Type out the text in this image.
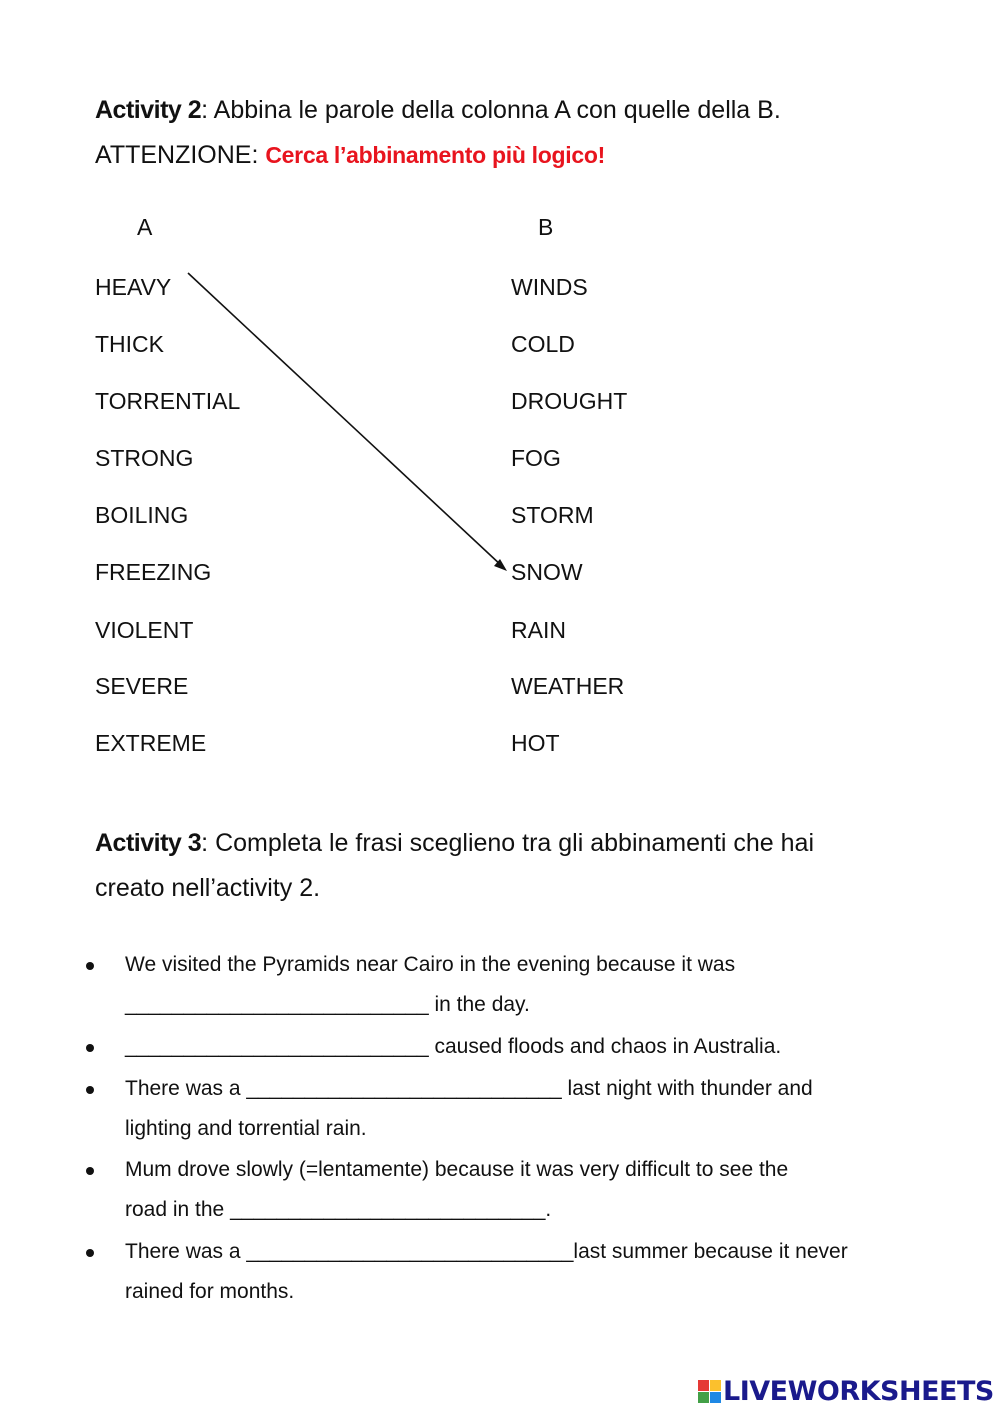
Activity 2: Abbina le parole della colonna A con quelle della B.
ATTENZIONE: Cerca l’abbinamento più logico!
A	B
HEAVY
THICK
TORRENTIAL
STRONG
BOILING
FREEZING
VIOLENT
SEVERE
EXTREME
WINDS
COLD
DROUGHT
FOG
STORM
SNOW
RAIN
WEATHER
HOT
Activity 3: Completa le frasi sceglieno tra gli abbinamenti che hai
creato nell’activity 2.
We visited the Pyramids near Cairo in the evening because it was
__________________________ in the day.
__________________________ caused floods and chaos in Australia.
There was a ___________________________ last night with thunder and
lighting and torrential rain.
Mum drove slowly (=lentamente) because it was very difficult to see the
road in the ___________________________.
There was a ____________________________last summer because it never
rained for months.
LIVEWORKSHEETS
